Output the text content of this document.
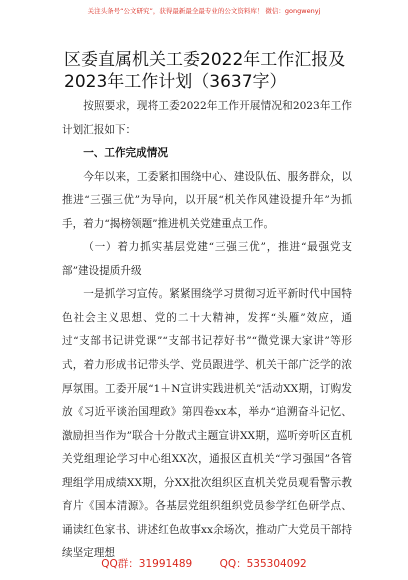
关注头条号“公文研究”，获得最新最全最专业的公文资料库！ 微信：gongwenyj
区委直属机关工委2022年工作汇报及2023年工作计划（3637字）

按照要求，现将工委2022年工作开展情况和2023年工作计划汇报如下：

一、工作完成情况

今年以来，工委紧扣围绕中心、建设队伍、服务群众，以推进“三强三优”为导向，以开展“机关作风建设提升年”为抓手，着力“揭榜领题”推进机关党建重点工作。

（一）着力抓实基层党建“三强三优”，推进“最强党支部”建设提质升级

一是抓学习宣传。紧紧围绕学习贯彻习近平新时代中国特色社会主义思想、党的二十大精神，发挥“头雁”效应，通过“支部书记讲党课”“支部书记荐好书”“微党课大家讲”等形式，着力形成书记带头学、党员跟进学、机关干部广泛学的浓厚氛围。工委开展“1＋N宣讲实践进机关”活动XX期，订购发放《习近平谈治国理政》第四卷xx本，举办“追溯奋斗记忆、激励担当作为”联合十分散式主题宣讲XX期，巡听旁听区直机关党组理论学习中心组XX次，通报区直机关“学习强国”各管理组学用成绩XX期，分XX批次组织区直机关党员观看警示教育片《国本清源》。各基层党组织组织党员参学红色研学点、诵读红色家书、讲述红色故事xx余场次，推动广大党员干部持续坚定理想

QQ群：31991489	QQ：535304092
